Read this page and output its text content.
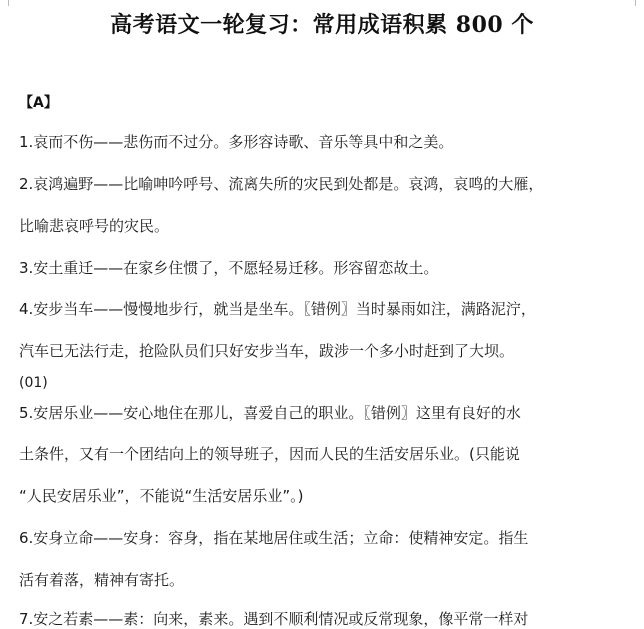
高考语文一轮复习：常用成语积累 800 个
【A】
1.哀而不伤——悲伤而不过分。多形容诗歌、音乐等具中和之美。
2.哀鸿遍野——比喻呻吟呼号、流离失所的灾民到处都是。哀鸿，哀鸣的大雁，
比喻悲哀呼号的灾民。
3.安土重迁——在家乡住惯了，不愿轻易迁移。形容留恋故土。
4.安步当车——慢慢地步行，就当是坐车。〖错例〗当时暴雨如注，满路泥泞，
汽车已无法行走，抢险队员们只好安步当车，跋涉一个多小时赶到了大坝。
(01)
5.安居乐业——安心地住在那儿，喜爱自己的职业。〖错例〗这里有良好的水
土条件，又有一个团结向上的领导班子，因而人民的生活安居乐业。(只能说
“人民安居乐业”，不能说“生活安居乐业”。)
6.安身立命——安身：容身，指在某地居住或生活；立命：使精神安定。指生
活有着落，精神有寄托。
7.安之若素——素：向来，素来。遇到不顺利情况或反常现象，像平常一样对
